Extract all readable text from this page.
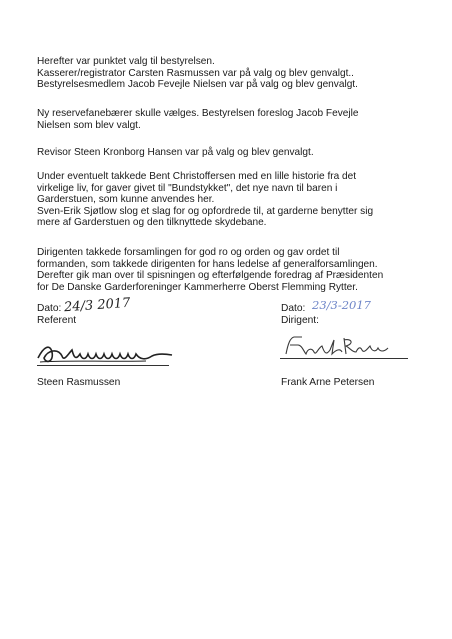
Herefter var punktet valg til bestyrelsen.
Kasserer/registrator Carsten Rasmussen var på valg og blev genvalgt..
Bestyrelsesmedlem Jacob Fevejle Nielsen var på valg og blev genvalgt.

Ny reservefanebærer skulle vælges. Bestyrelsen foreslog Jacob Fevejle
Nielsen som blev valgt.

Revisor Steen Kronborg Hansen var på valg og blev genvalgt.

Under eventuelt takkede Bent Christoffersen med en lille historie fra det
virkelige liv, for gaver givet til "Bundstykket", det nye navn til baren i
Garderstuen, som kunne anvendes her.
Sven-Erik Sjøtlow slog et slag for og opfordrede til, at garderne benytter sig
mere af Garderstuen og den tilknyttede skydebane.

Dirigenten takkede forsamlingen for god ro og orden og gav ordet til
formanden, som takkede dirigenten for hans ledelse af generalforsamlingen.
Derefter gik man over til spisningen og efterfølgende foredrag af Præsidenten
for De Danske Garderforeninger Kammerherre Oberst Flemming Rytter.

Dato: 24/3 2017
Referent
Steen Rasmussen
Dato: 23/3-2017
Dirigent:
Frank Arne Petersen
